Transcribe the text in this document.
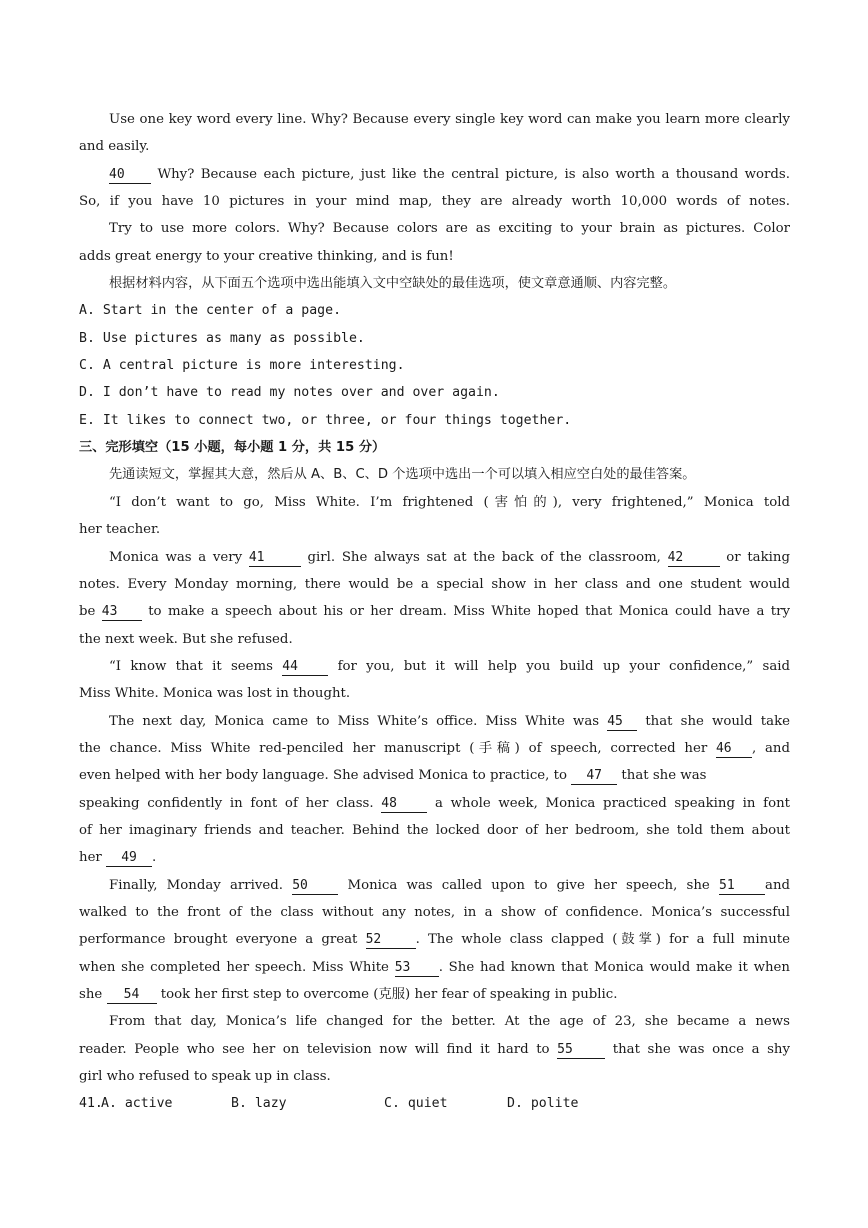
Use one key word every line. Why? Because every single key word can make you learn more clearly
and easily.
40 Why? Because each picture, just like the central picture, is also worth a thousand words.
So, if you have 10 pictures in your mind map, they are already worth 10,000 words of notes.
Try to use more colors. Why? Because colors are as exciting to your brain as pictures. Color
adds great energy to your creative thinking, and is fun!
根据材料内容，从下面五个选项中选出能填入文中空缺处的最佳选项，使文章意通顺、内容完整。
A. Start in the center of a page.
B. Use pictures as many as possible.
C. A central picture is more interesting.
D. I don’t have to read my notes over and over again.
E. It likes to connect two, or three, or four things together.
三、完形填空（15 小题，每小题 1 分，共 15 分）
先通读短文，掌握其大意，然后从 A、B、C、D 个选项中选出一个可以填入相应空白处的最佳答案。
“I don’t want to go, Miss White. I’m frightened (害怕的), very frightened,” Monica told
her teacher.
Monica was a very 41	girl. She always sat at the back of the classroom, 42	or taking
notes. Every Monday morning, there would be a special show in her class and one student would
be 43 to make a speech about his or her dream. Miss White hoped that Monica could have a try
the next week. But she refused.
“I know that it seems 44	for you, but it will help you build up your confidence,” said
Miss White. Monica was lost in thought.
The next day, Monica came to Miss White’s office. Miss White was 45 that she would take
the chance. Miss White red-penciled her manuscript (手稿) of speech, corrected her 46 , and
even helped with her body language. She advised Monica to practice, to 47 that she was
speaking confidently in font of her class. 48	a whole week, Monica practiced speaking in font
of her imaginary friends and teacher. Behind the locked door of her bedroom, she told them about
her 49 .
Finally, Monday arrived. 50	Monica was called upon to give her speech, she 51 and
walked to the front of the class without any notes, in a show of confidence. Monica’s successful
performance brought everyone a great 52	. The whole class clapped (鼓掌) for a full minute
when she completed her speech. Miss White 53 . She had known that Monica would make it when
she 54 took her first step to overcome (克服) her fear of speaking in public.
From that day, Monica’s life changed for the better. At the age of 23, she became a news
reader. People who see her on television now will find it hard to 55	that she was once a shy
girl who refused to speak up in class.
41.A. active	B. lazy	C. quiet	D. polite
